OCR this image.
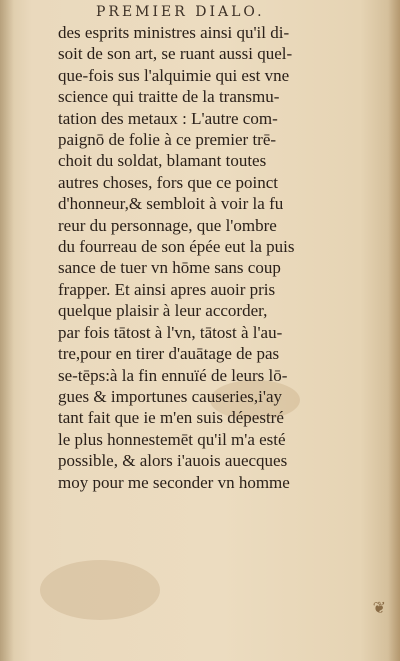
PREMIER DIALO.
des esprits ministres ainsi qu'il di-
soit de son art, se ruant aussi quel-
que-fois sus l'alquimie qui est vne
science qui traitte de la transmu-
tation des metaux : L'autre com-
paignō de folie à ce premier trē-
choit du soldat, blamant toutes
autres choses, fors que ce poinct
d'honneur,& sembloit à voir la fu
reur du personnage, que l'ombre
du fourreau de son épée eut la puis
sance de tuer vn hōme sans coup
frapper. Et ainsi apres auoir pris
quelque plaisir à leur accorder,
par fois tātost à l'vn, tātost à l'au-
tre,pour en tirer d'auātage de pas
se-tēps:à la fin ennuïé de leurs lō-
gues & importunes causeries,i'ay
tant fait que ie m'en suis dépestré
le plus honnestemēt qu'il m'a esté
possible, & alors i'auois auecques
moy pour me seconder vn homme
❦
